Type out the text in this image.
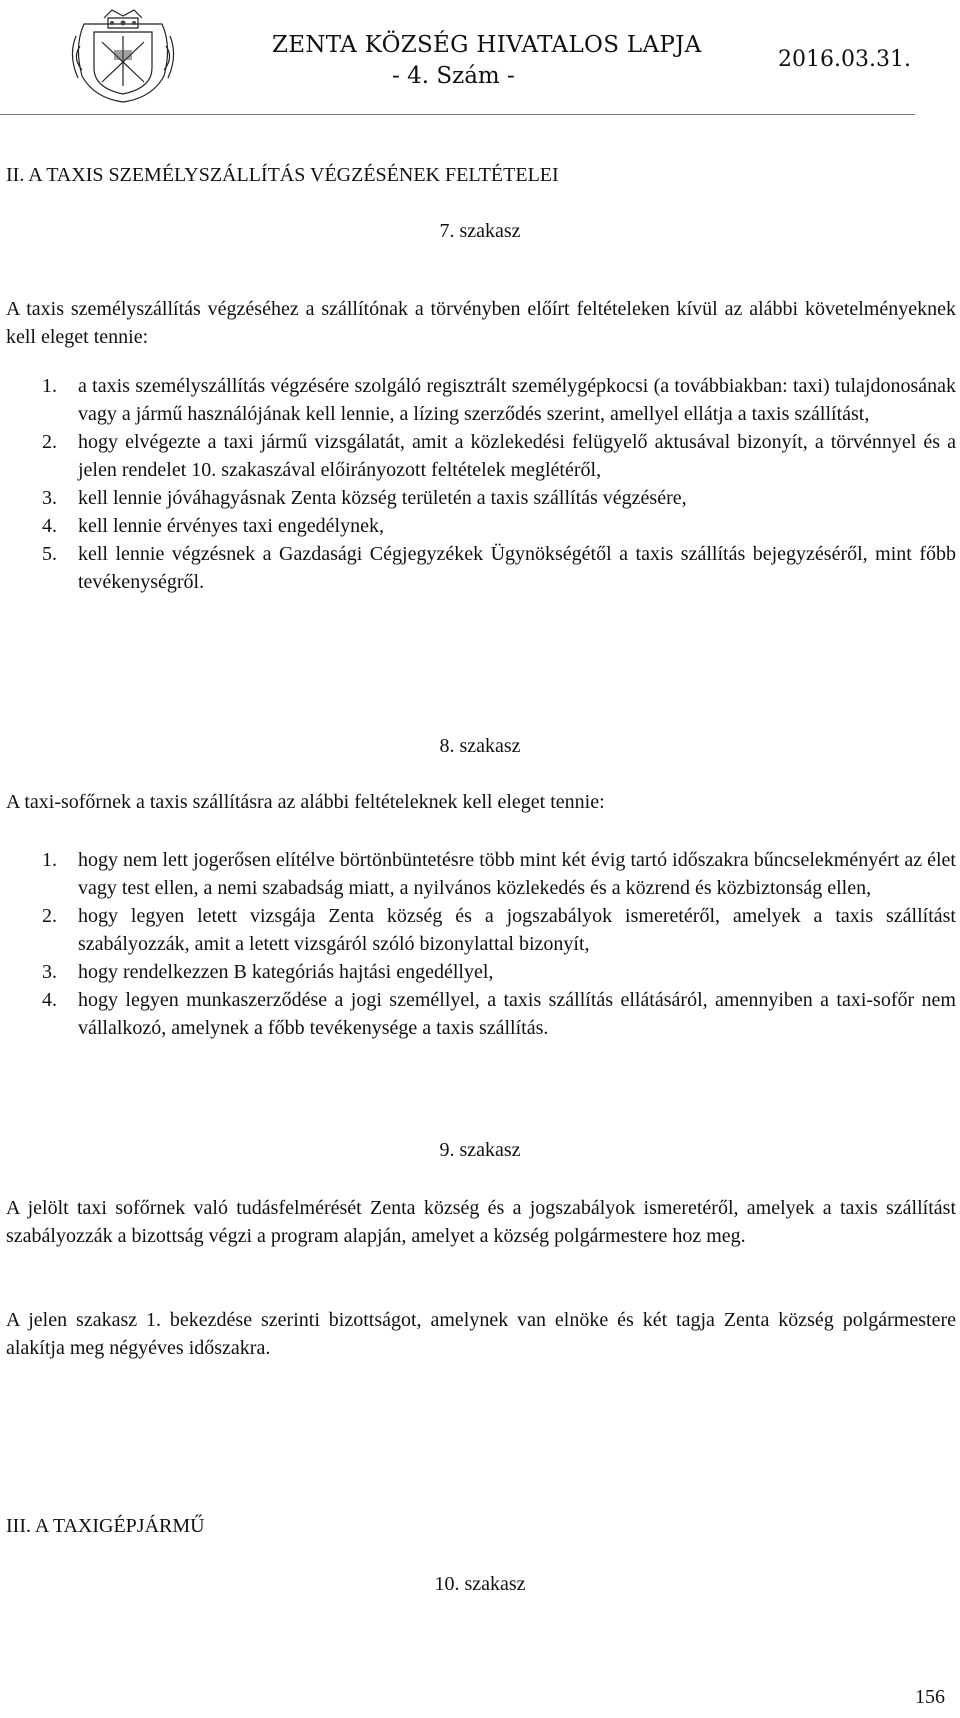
ZENTA KÖZSÉG HIVATALOS LAPJA
- 4. Szám -
2016.03.31.
II. A TAXIS SZEMÉLYSZÁLLÍTÁS VÉGZÉSÉNEK FELTÉTELEI
7. szakasz
A taxis személyszállítás végzéséhez a szállítónak a törvényben előírt feltételeken kívül az alábbi követelményeknek kell eleget tennie:
1. a taxis személyszállítás végzésére szolgáló regisztrált személygépkocsi (a továbbiakban: taxi) tulajdonosának vagy a jármű használójának kell lennie, a lízing szerződés szerint, amellyel ellátja a taxis szállítást,
2. hogy elvégezte a taxi jármű vizsgálatát, amit a közlekedési felügyelő aktusával bizonyít, a törvénnyel és a jelen rendelet 10. szakaszával előirányozott feltételek meglétéről,
3. kell lennie jóváhagyásnak Zenta község területén a taxis szállítás végzésére,
4. kell lennie érvényes taxi engedélynek,
5. kell lennie végzésnek a Gazdasági Cégjegyzékek Ügynökségétől a taxis szállítás bejegyzéséről, mint főbb tevékenységről.
8. szakasz
A taxi-sofőrnek a taxis szállításra az alábbi feltételeknek kell eleget tennie:
1. hogy nem lett jogerősen elítélve börtönbüntetésre több mint két évig tartó időszakra bűncselekményért az élet vagy test ellen, a nemi szabadság miatt, a nyilvános közlekedés és a közrend és közbiztonság ellen,
2. hogy legyen letett vizsgája Zenta község és a jogszabályok ismeretéről, amelyek a taxis szállítást szabályozzák, amit a letett vizsgáról szóló bizonylattal bizonyít,
3. hogy rendelkezzen B kategóriás hajtási engedéllyel,
4. hogy legyen munkaszerződése a jogi személlyel, a taxis szállítás ellátásáról, amennyiben a taxi-sofőr nem vállalkozó, amelynek a főbb tevékenysége a taxis szállítás.
9. szakasz
A jelölt taxi sofőrnek való tudásfelmérését Zenta község és a jogszabályok ismeretéről, amelyek a taxis szállítást szabályozzák a bizottság végzi a program alapján, amelyet a község polgármestere hoz meg.
A jelen szakasz 1. bekezdése szerinti bizottságot, amelynek van elnöke és két tagja Zenta község polgármestere alakítja meg négyéves időszakra.
III. A TAXIGÉPJÁRMŰ
10. szakasz
156
